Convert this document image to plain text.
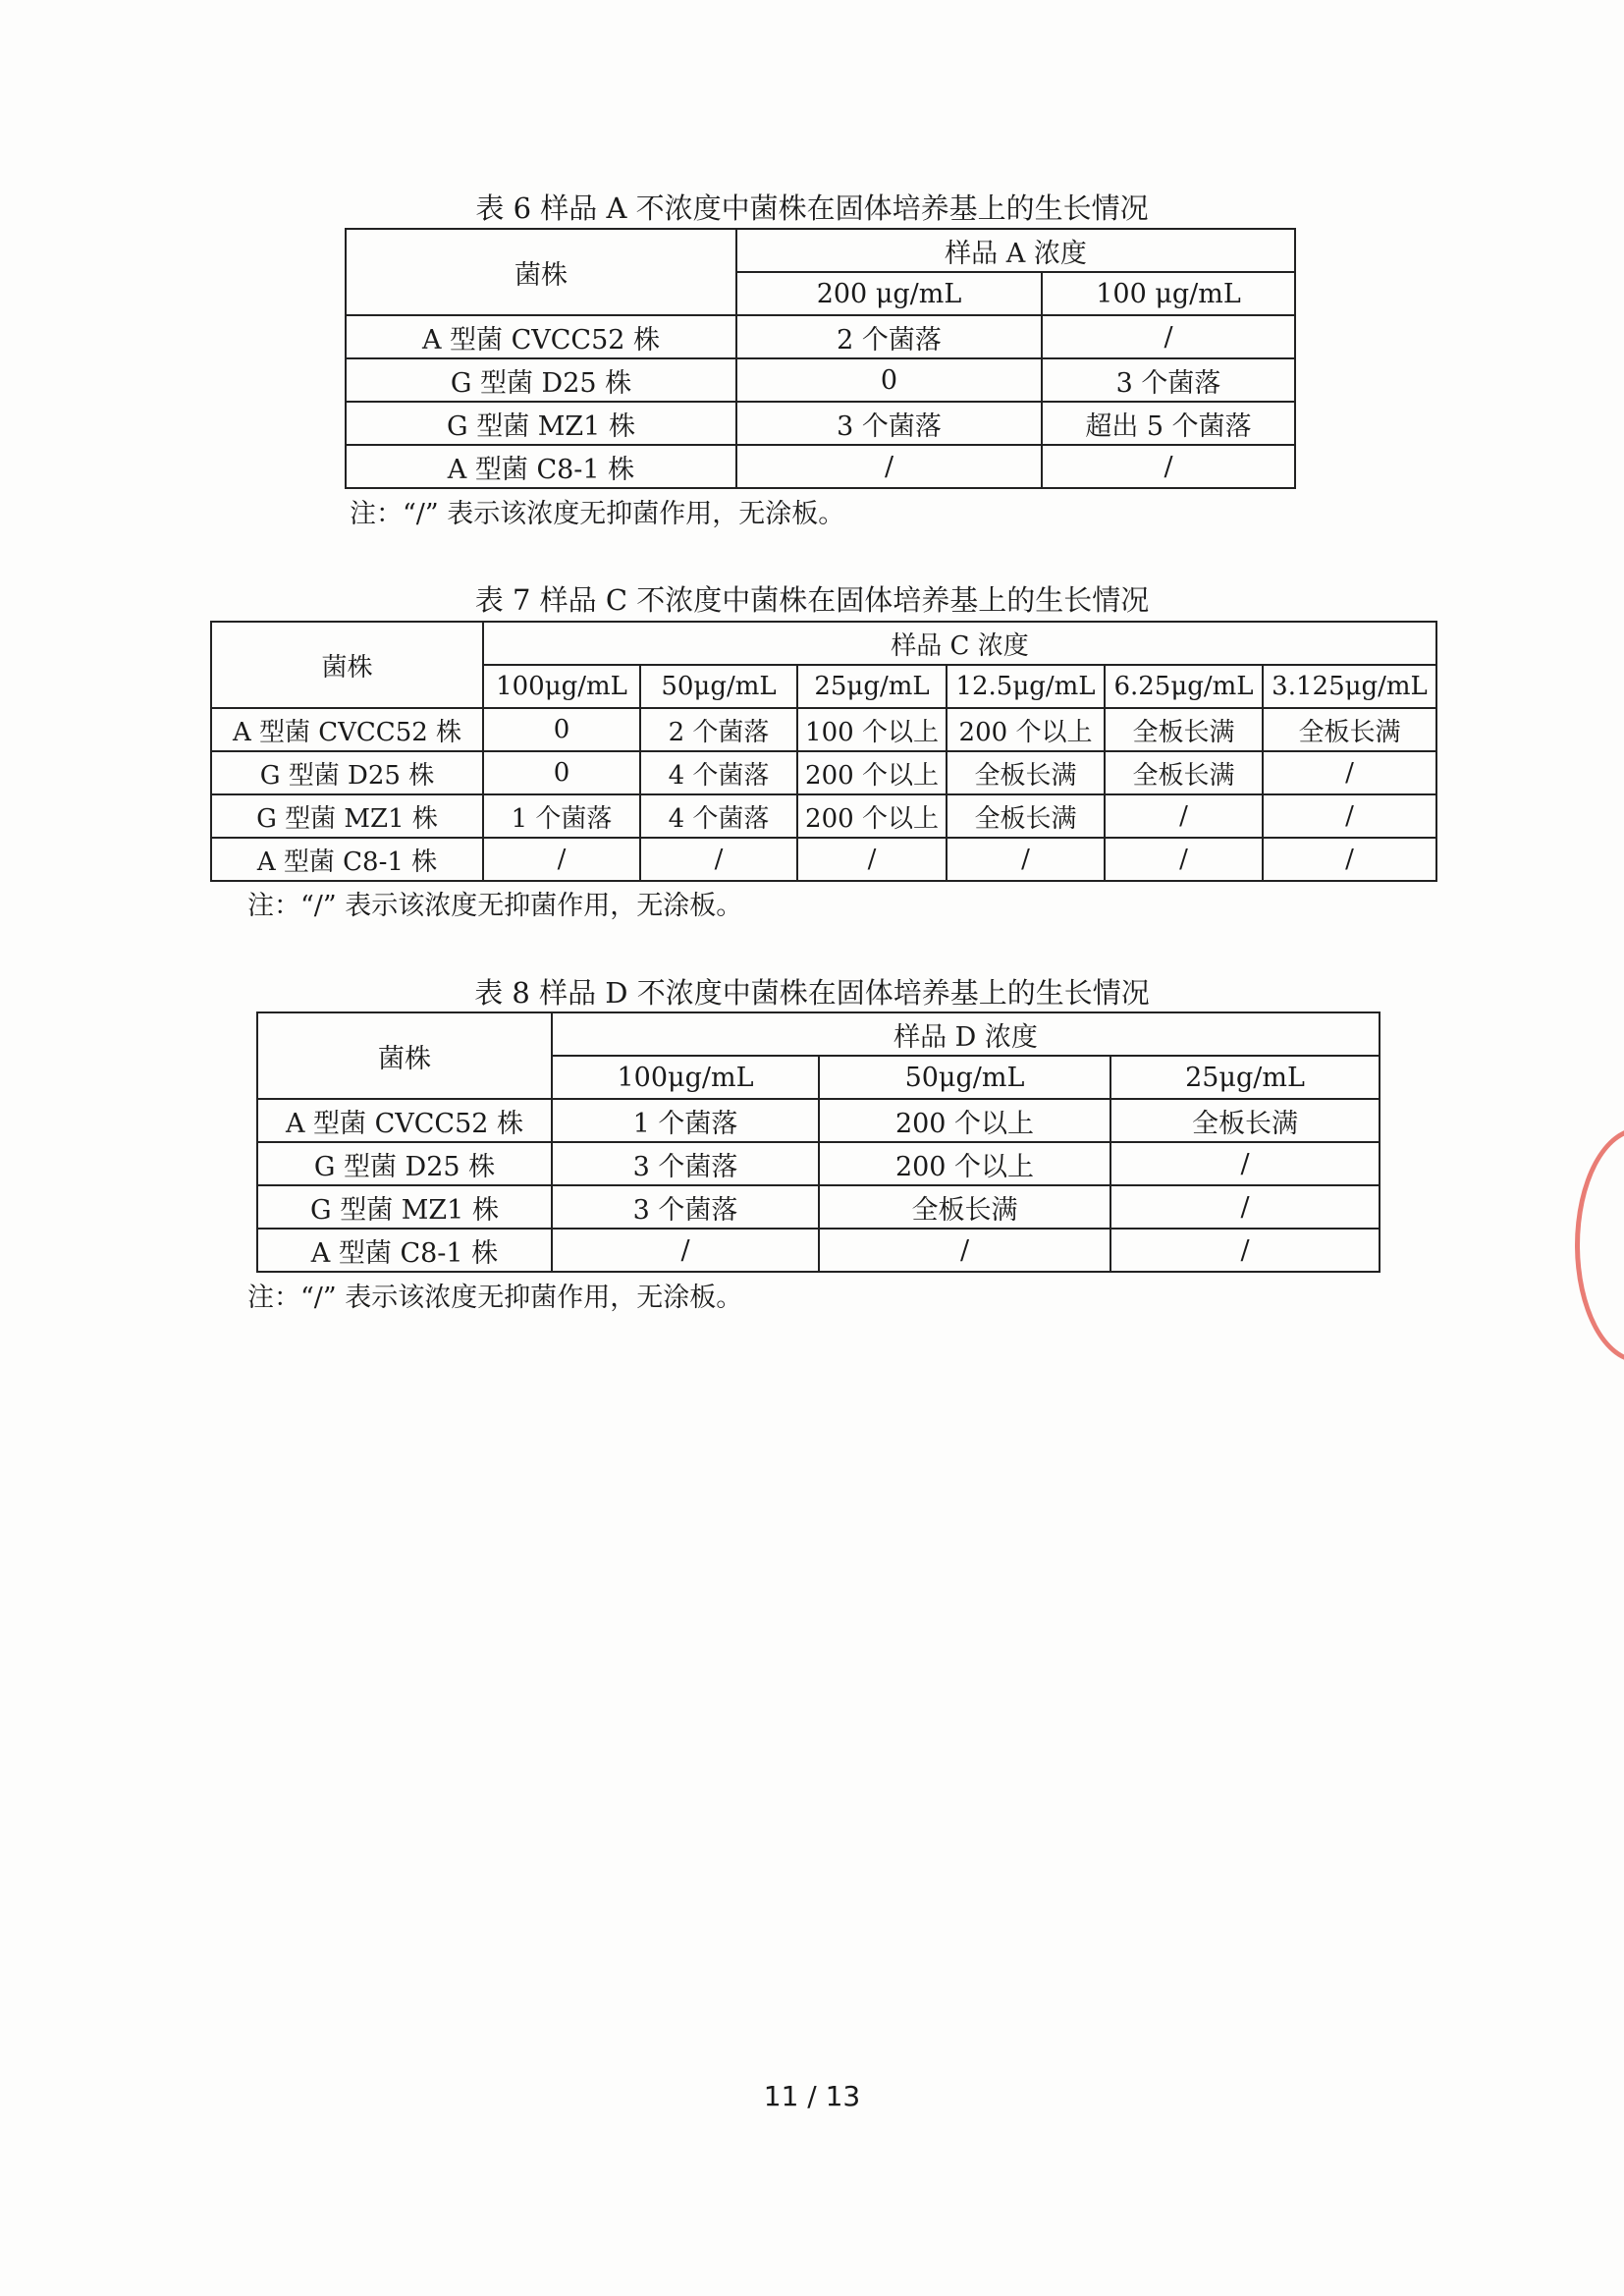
表 6 样品 A 不浓度中菌株在固体培养基上的生长情况
菌株	样品 A 浓度	
	200 μg/mL	100 μg/mL
A 型菌 CVCC52 株	2 个菌落	/
G 型菌 D25 株	0	3 个菌落
G 型菌 MZ1 株	3 个菌落	超出 5 个菌落
A 型菌 C8-1 株	/	/
注：“/” 表示该浓度无抑菌作用，无涂板。
表 7 样品 C 不浓度中菌株在固体培养基上的生长情况
菌株	样品 C 浓度					
	100μg/mL	50μg/mL	25μg/mL	12.5μg/mL	6.25μg/mL	3.125μg/mL
A 型菌 CVCC52 株	0	2 个菌落	100 个以上	200 个以上	全板长满	全板长满
G 型菌 D25 株	0	4 个菌落	200 个以上	全板长满	全板长满	/
G 型菌 MZ1 株	1 个菌落	4 个菌落	200 个以上	全板长满	/	/
A 型菌 C8-1 株	/	/	/	/	/	/
注：“/” 表示该浓度无抑菌作用，无涂板。
表 8 样品 D 不浓度中菌株在固体培养基上的生长情况
菌株	样品 D 浓度		
	100μg/mL	50μg/mL	25μg/mL
A 型菌 CVCC52 株	1 个菌落	200 个以上	全板长满
G 型菌 D25 株	3 个菌落	200 个以上	/
G 型菌 MZ1 株	3 个菌落	全板长满	/
A 型菌 C8-1 株	/	/	/
注：“/” 表示该浓度无抑菌作用，无涂板。
11 / 13
